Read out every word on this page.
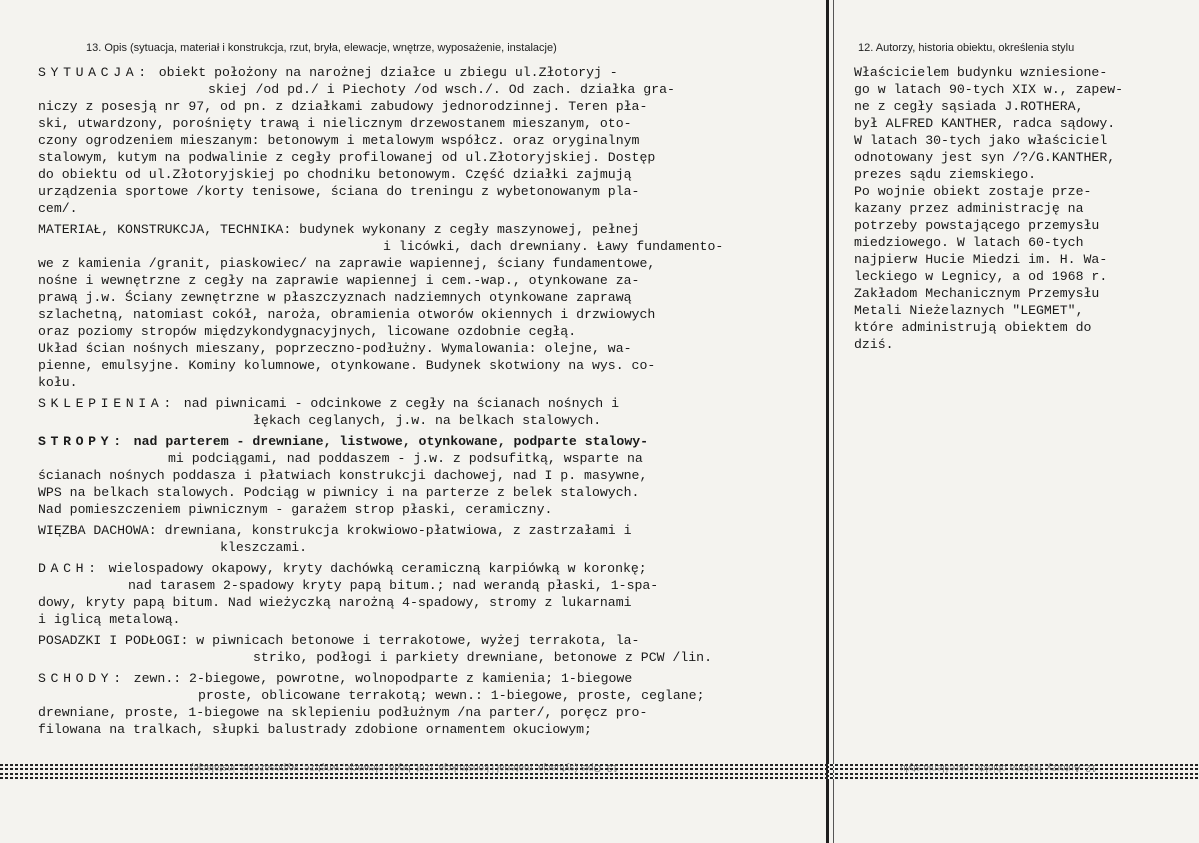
13. Opis (sytuacja, materiał i konstrukcja, rzut, bryła, elewacje, wnętrze, wyposażenie, instalacje)	12. Autorzy, historia obiektu, określenia stylu
SYTUACJA: obiekt położony na narożnej działce u zbiegu ul.Złotoryj -
skiej /od pd./ i Piechoty /od wsch./. Od zach. działka gra-
niczy z posesją nr 97, od pn. z działkami zabudowy jednorodzinnej. Teren pła-
ski, utwardzony, porośnięty trawą i nielicznym drzewostanem mieszanym, oto-
czony ogrodzeniem mieszanym: betonowym i metalowym współcz. oraz oryginalnym
stalowym, kutym na podwalinie z cegły profilowanej od ul.Złotoryjskiej. Dostęp
do obiektu od ul.Złotoryjskiej po chodniku betonowym. Część działki zajmują
urządzenia sportowe /korty tenisowe, ściana do treningu z wybetonowanym pla-
cem/.
MATERIAŁ, KONSTRUKCJA, TECHNIKA: budynek wykonany z cegły maszynowej, pełnej
i licówki, dach drewniany. Ławy fundamento-
we z kamienia /granit, piaskowiec/ na zaprawie wapiennej, ściany fundamentowe,
nośne i wewnętrzne z cegły na zaprawie wapiennej i cem.-wap., otynkowane za-
prawą j.w. Ściany zewnętrzne w płaszczyznach nadziemnych otynkowane zaprawą
szlachetną, natomiast cokół, naroża, obramienia otworów okiennych i drzwiowych
oraz poziomy stropów międzykondygnacyjnych, licowane ozdobnie cegłą.
Układ ścian nośnych mieszany, poprzeczno-podłużny. Wymalowania: olejne, wa-
pienne, emulsyjne. Kominy kolumnowe, otynkowane. Budynek skotwiony na wys. co-
kołu.
SKLEPIENIA: nad piwnicami - odcinkowe z cegły na ścianach nośnych i
łękach ceglanych, j.w. na belkach stalowych.
STROPY: nad parterem - drewniane, listwowe, otynkowane, podparte stalowy-
mi podciągami, nad poddaszem - j.w. z podsufitką, wsparte na
ścianach nośnych poddasza i płatwiach konstrukcji dachowej, nad I p. masywne,
WPS na belkach stalowych. Podciąg w piwnicy i na parterze z belek stalowych.
Nad pomieszczeniem piwnicznym - garażem strop płaski, ceramiczny.
WIĘZBA DACHOWA: drewniana, konstrukcja krokwiowo-płatwiowa, z zastrzałami i
kleszczami.
DACH: wielospadowy okapowy, kryty dachówką ceramiczną karpiówką w koronkę;
nad tarasem 2-spadowy kryty papą bitum.; nad werandą płaski, 1-spa-
dowy, kryty papą bitum. Nad wieżyczką narożną 4-spadowy, stromy z lukarnami
i iglicą metalową.
POSADZKI I PODŁOGI: w piwnicach betonowe i terrakotowe, wyżej terrakota, la-
striko, podłogi i parkiety drewniane, betonowe z PCW /lin.
SCHODY: zewn.: 2-biegowe, powrotne, wolnopodparte z kamienia; 1-biegowe
proste, oblicowane terrakotą; wewn.: 1-biegowe, proste, ceglane;
drewniane, proste, 1-biegowe na sklepieniu podłużnym /na parter/, poręcz pro-
filowana na tralkach, słupki balustrady zdobione ornamentem okuciowym;
Właścicielem budynku wzniesione-
go w latach 90-tych XIX w., zapew-
ne z cegły sąsiada J.ROTHERA,
był ALFRED KANTHER, radca sądowy.
W latach 30-tych jako właściciel
odnotowany jest syn /?/G.KANTHER,
prezes sądu ziemskiego.
Po wojnie obiekt zostaje prze-
kazany przez administrację na
potrzeby powstającego przemysłu
miedziowego. W latach 60-tych
najpierw Hucie Miedzi im. H. Wa-
leckiego w Legnicy, a od 1968 r.
Zakładom Mechanicznym Przemysłu
Metali Nieżelaznych "LEGMET",
które administrują obiektem do
dziś.
13. Opis (sytuacja, materiał i konstrukcja, rzut, bryła, elewacje, wnętrze, wyposażenie, instalacje)	12. Autorzy, historia obiektu, określenia stylu
